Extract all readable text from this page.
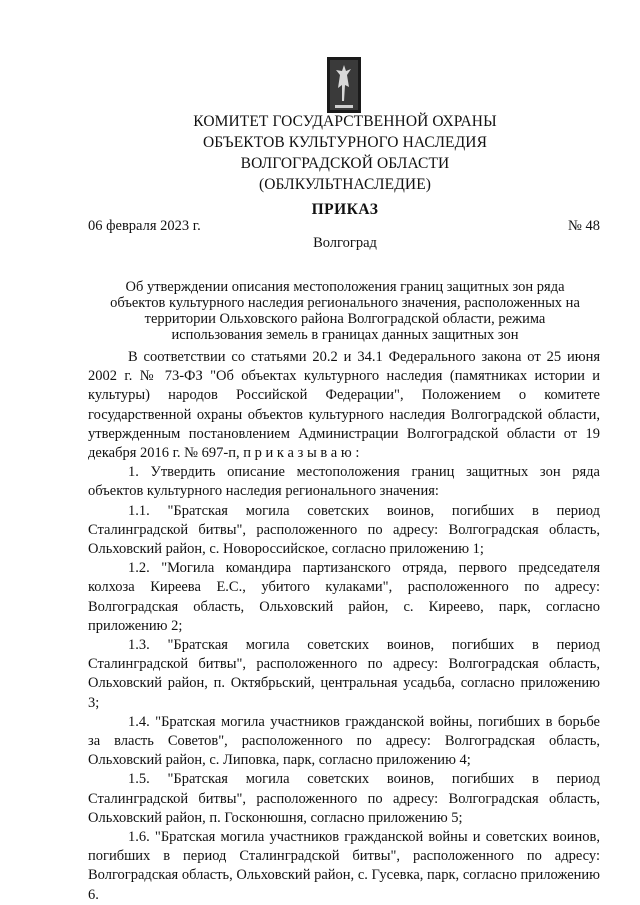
КОМИТЕТ ГОСУДАРСТВЕННОЙ ОХРАНЫ
ОБЪЕКТОВ КУЛЬТУРНОГО НАСЛЕДИЯ
ВОЛГОГРАДСКОЙ ОБЛАСТИ
(ОБЛКУЛЬТНАСЛЕДИЕ)
ПРИКАЗ
06 февраля 2023 г.	№ 48
Волгоград
Об утверждении описания местоположения границ защитных зон ряда объектов культурного наследия регионального значения, расположенных на территории Ольховского района Волгоградской области, режима использования земель в границах данных защитных зон

В соответствии со статьями 20.2 и 34.1 Федерального закона от 25 июня 2002 г. № 73-ФЗ "Об объектах культурного наследия (памятниках истории и культуры) народов Российской Федерации", Положением о комитете государственной охраны объектов культурного наследия Волгоградской области, утвержденным постановлением Администрации Волгоградской области от 19 декабря 2016 г. № 697-п, п р и к а з ы в а ю :

1. Утвердить описание местоположения границ защитных зон ряда объектов культурного наследия регионального значения:

1.1. "Братская могила советских воинов, погибших в период Сталинградской битвы", расположенного по адресу: Волгоградская область, Ольховский район, с. Новороссийское, согласно приложению 1;

1.2. "Могила командира партизанского отряда, первого председателя колхоза Киреева Е.С., убитого кулаками", расположенного по адресу: Волгоградская область, Ольховский район, с. Киреево, парк, согласно приложению 2;

1.3. "Братская могила советских воинов, погибших в период Сталинградской битвы", расположенного по адресу: Волгоградская область, Ольховский район, п. Октябрьский, центральная усадьба, согласно приложению 3;

1.4. "Братская могила участников гражданской войны, погибших в борьбе за власть Советов", расположенного по адресу: Волгоградская область, Ольховский район, с. Липовка, парк, согласно приложению 4;

1.5. "Братская могила советских воинов, погибших в период Сталинградской битвы", расположенного по адресу: Волгоградская область, Ольховский район, п. Госконюшня, согласно приложению 5;

1.6. "Братская могила участников гражданской войны и советских воинов, погибших в период Сталинградской битвы", расположенного по адресу: Волгоградская область, Ольховский район, с. Гусевка, парк, согласно приложению 6.
